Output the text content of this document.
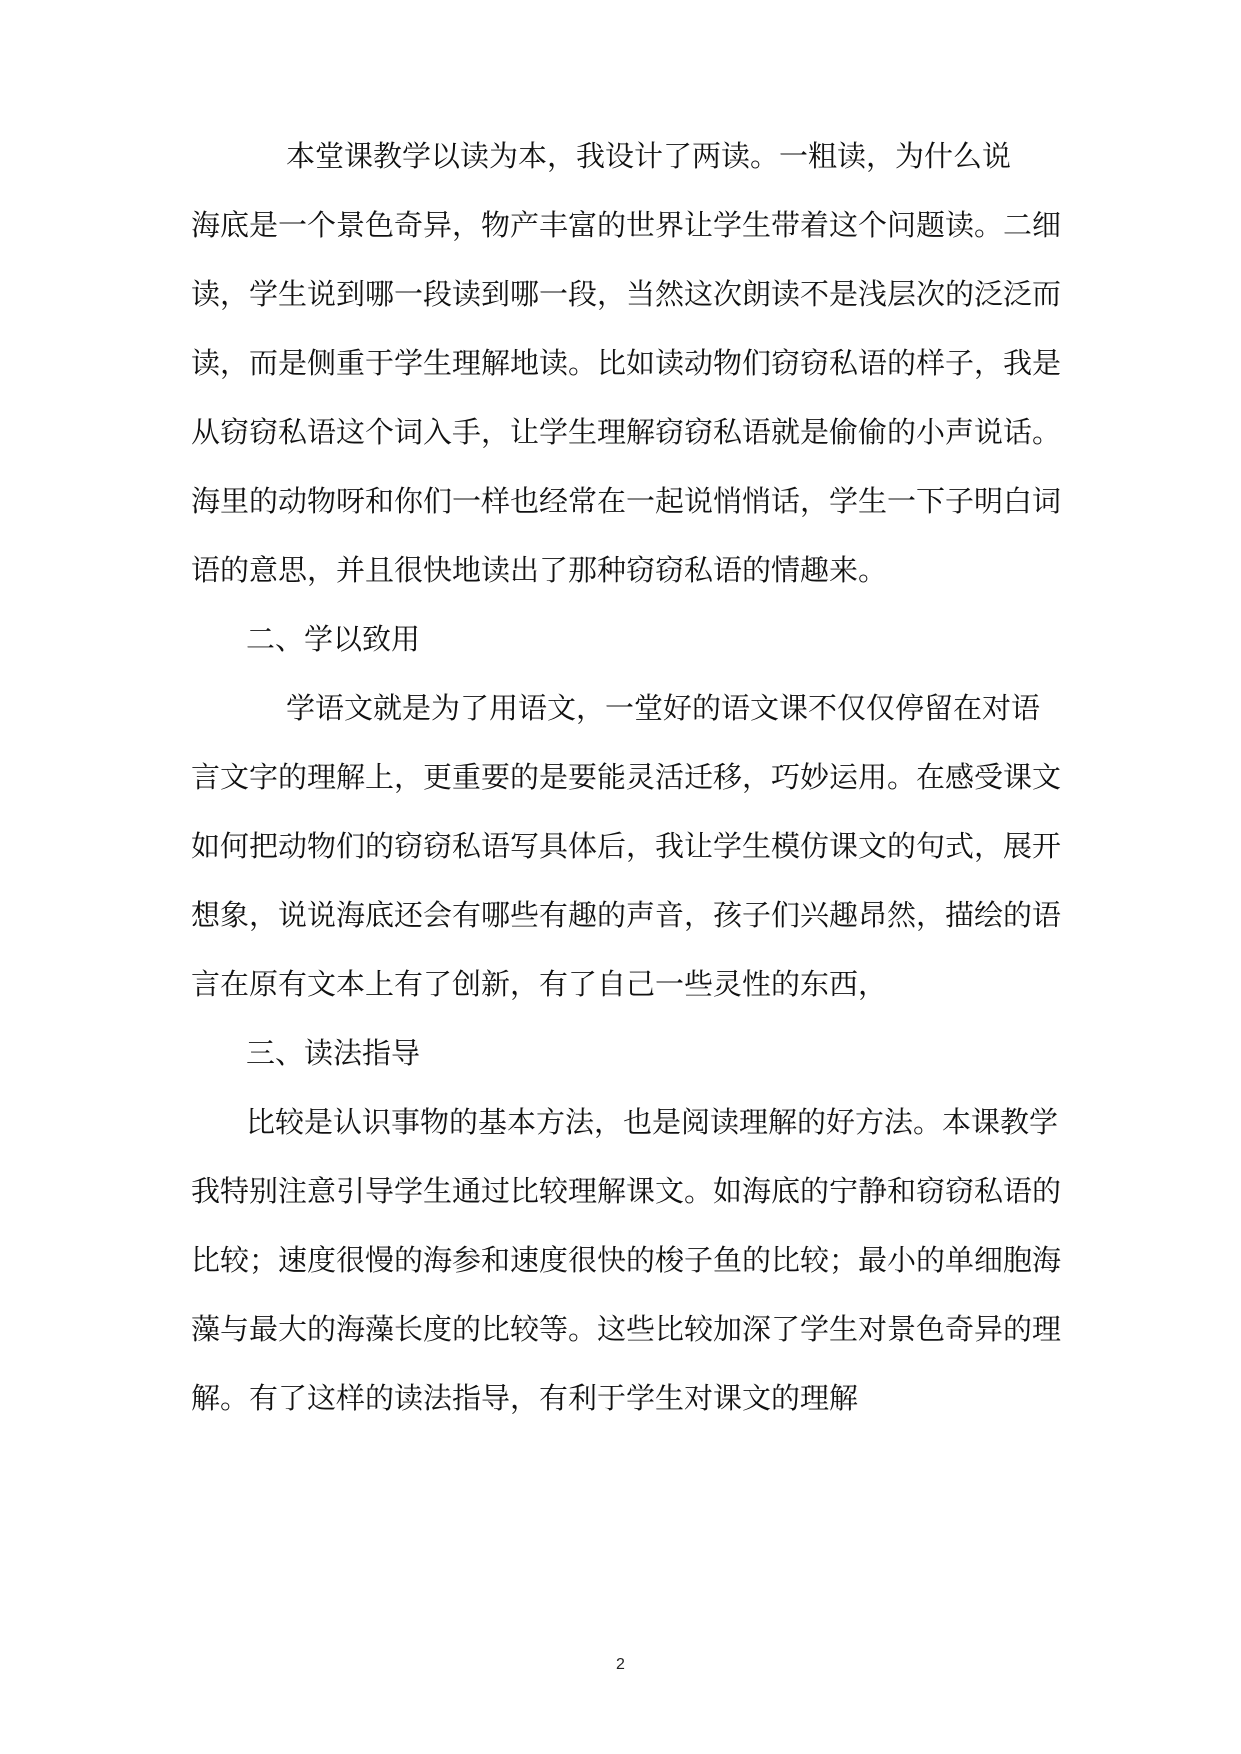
本堂课教学以读为本，我设计了两读。一粗读，为什么说
海底是一个景色奇异，物产丰富的世界让学生带着这个问题读。二细
读，学生说到哪一段读到哪一段，当然这次朗读不是浅层次的泛泛而
读，而是侧重于学生理解地读。比如读动物们窃窃私语的样子，我是
从窃窃私语这个词入手，让学生理解窃窃私语就是偷偷的小声说话。
海里的动物呀和你们一样也经常在一起说悄悄话，学生一下子明白词
语的意思，并且很快地读出了那种窃窃私语的情趣来。
二、学以致用
学语文就是为了用语文，一堂好的语文课不仅仅停留在对语
言文字的理解上，更重要的是要能灵活迁移，巧妙运用。在感受课文
如何把动物们的窃窃私语写具体后，我让学生模仿课文的句式，展开
想象，说说海底还会有哪些有趣的声音，孩子们兴趣昂然，描绘的语
言在原有文本上有了创新，有了自己一些灵性的东西，
三、读法指导
比较是认识事物的基本方法，也是阅读理解的好方法。本课教学
我特别注意引导学生通过比较理解课文。如海底的宁静和窃窃私语的
比较；速度很慢的海参和速度很快的梭子鱼的比较；最小的单细胞海
藻与最大的海藻长度的比较等。这些比较加深了学生对景色奇异的理
解。有了这样的读法指导，有利于学生对课文的理解
2
